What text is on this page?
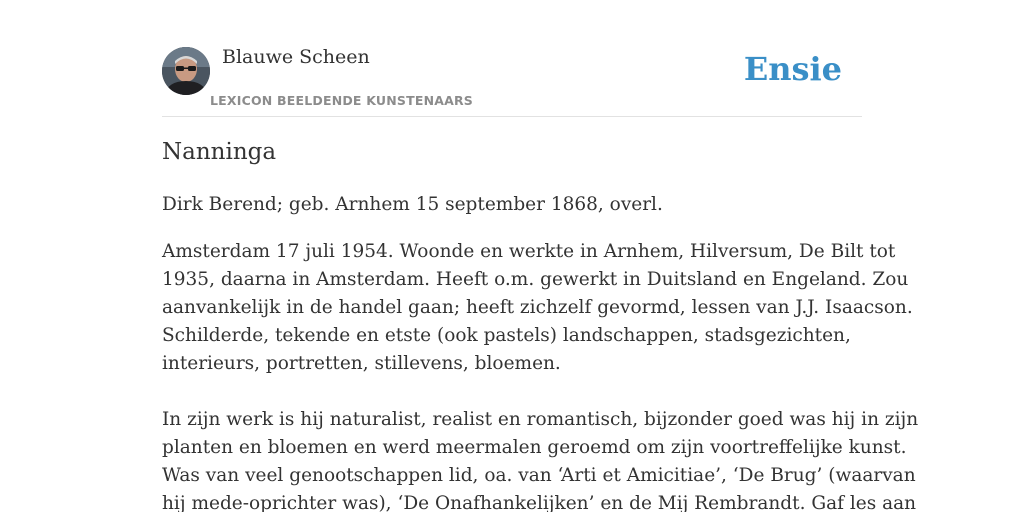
Blauwe Scheen
LEXICON BEELDENDE KUNSTENAARS
Ensie
Nanninga

Dirk Berend; geb. Arnhem 15 september 1868, overl.

Amsterdam 17 juli 1954. Woonde en werkte in Arnhem, Hilversum, De Bilt tot
1935, daarna in Amsterdam. Heeft o.m. gewerkt in Duitsland en Engeland. Zou
aanvankelijk in de handel gaan; heeft zichzelf gevormd, lessen van J.J. Isaacson.
Schilderde, tekende en etste (ook pastels) landschappen, stadsgezichten,
interieurs, portretten, stillevens, bloemen.
In zijn werk is hij naturalist, realist en romantisch, bijzonder goed was hij in zijn
planten en bloemen en werd meermalen geroemd om zijn voortreffelijke kunst.
Was van veel genootschappen lid, oa. van ‘Arti et Amicitiae’, ‘De Brug’ (waarvan
hij mede-oprichter was), ‘De Onafhankelijken’ en de Mij Rembrandt. Gaf les aan
